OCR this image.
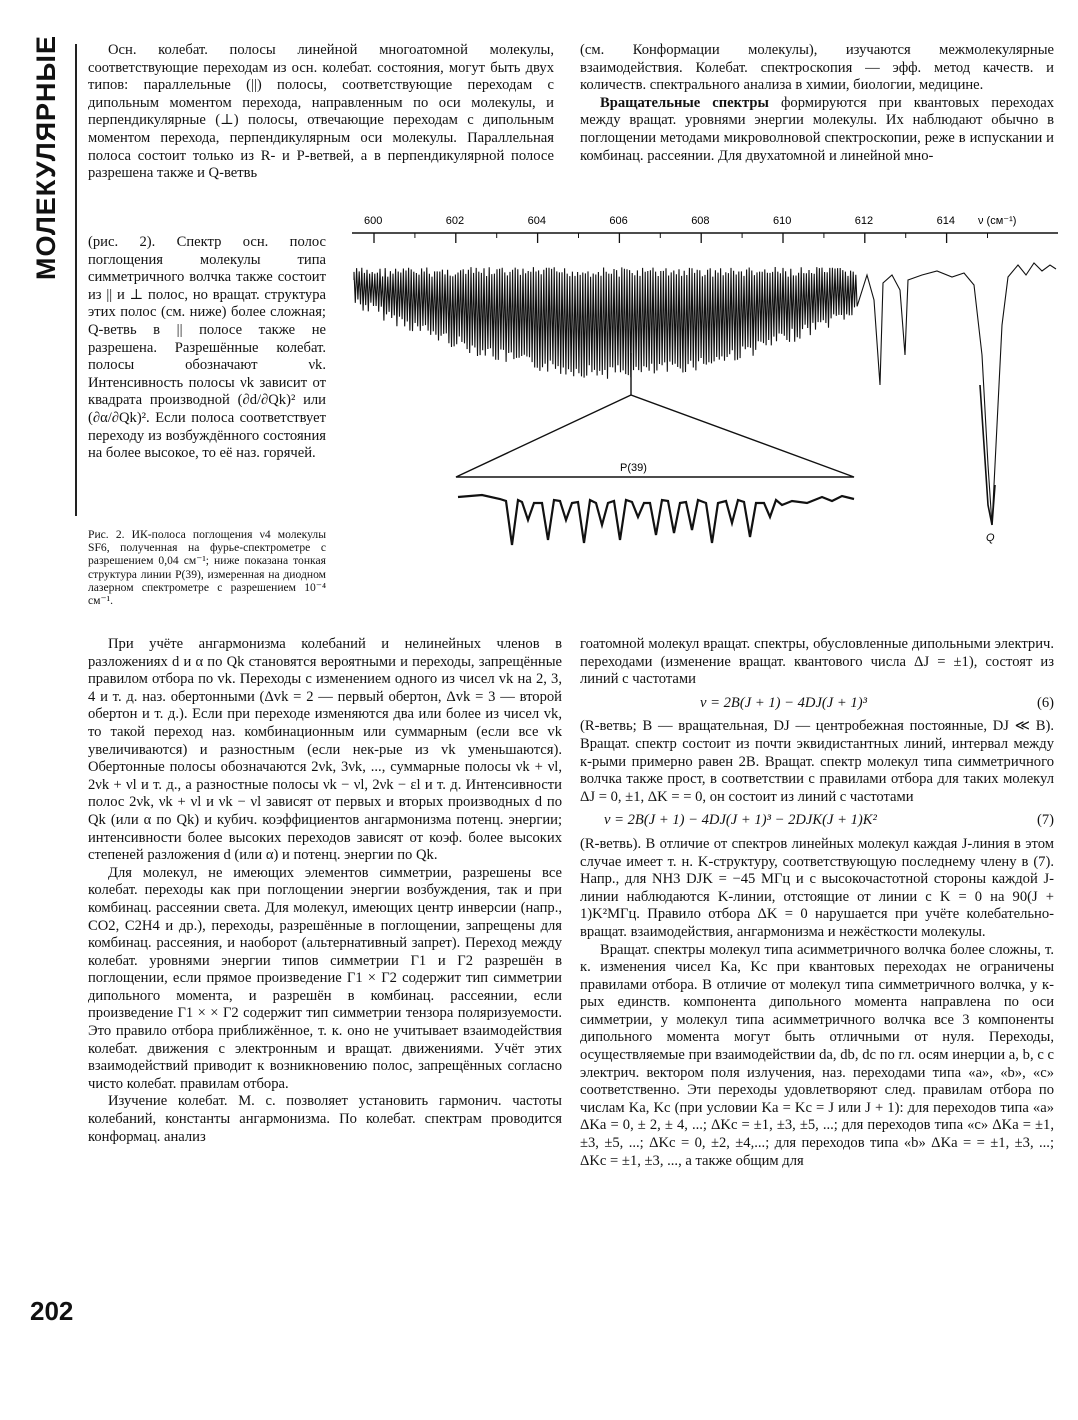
МОЛЕКУЛЯРНЫЕ	Осн. колебат. полосы линейной многоатомной молекулы, соответствующие переходам из осн. колебат. состояния, могут быть двух типов: параллельные (||) полосы, соответствующие переходам с дипольным моментом перехода, направленным по оси молекулы, и перпендикулярные (⊥) полосы, отвечающие переходам с дипольным моментом перехода, перпендикулярным оси молекулы. Параллельная полоса состоит только из R- и P-ветвей, а в перпендикулярной полосе разрешена также и Q-ветвь

(см. Конформации молекулы), изучаются межмолекулярные взаимодействия. Колебат. спектроскопия — эфф. метод качеств. и количеств. спектрального анализа в химии, биологии, медицине.

Вращательные спектры формируются при квантовых переходах между вращат. уровнями энергии молекулы. Их наблюдают обычно в поглощении методами микроволновой спектроскопии, реже в испускании и комбинац. рассеянии. Для двухатомной и линейной мно-

(рис. 2). Спектр осн. полос поглощения молекулы типа симметричного волчка также состоит из || и ⊥ полос, но вращат. структура этих полос (см. ниже) более сложная; Q-ветвь в || полосе также не разрешена. Разрешённые колебат. полосы обозначают νk. Интенсивность полосы νk зависит от квадрата производной (∂d/∂Qk)² или (∂α/∂Qk)². Если полоса соответствует переходу из возбуждённого состояния на более высокое, то её наз. горячей.

Рис. 2. ИК-полоса поглощения ν4 молекулы SF6, полученная на фурье-спектрометре с разрешением 0,04 см⁻¹; ниже показана тонкая структура линии P(39), измеренная на диодном лазерном спектрометре с разрешением 10⁻⁴ см⁻¹.
600	602	604	606	608	610	612	614 ν (см⁻¹)
P(39)
Q

При учёте ангармонизма колебаний и нелинейных членов в разложениях d и α по Qk становятся вероятными и переходы, запрещённые правилом отбора по vk. Переходы с изменением одного из чисел vk на 2, 3, 4 и т. д. наз. обертонными (Δvk = 2 — первый обертон, Δvk = 3 — второй обертон и т. д.). Если при переходе изменяются два или более из чисел vk, то такой переход наз. комбинационным или суммарным (если все vk увеличиваются) и разностным (если нек-рые из vk уменьшаются). Обертонные полосы обозначаются 2νk, 3νk, ..., суммарные полосы νk + νl, 2νk + νl и т. д., а разностные полосы νk − νl, 2νk − εl и т. д. Интенсивности полос 2νk, νk + νl и νk − νl зависят от первых и вторых производных d по Qk (или α по Qk) и кубич. коэффициентов ангармонизма потенц. энергии; интенсивности более высоких переходов зависят от коэф. более высоких степеней разложения d (или α) и потенц. энергии по Qk.

Для молекул, не имеющих элементов симметрии, разрешены все колебат. переходы как при поглощении энергии возбуждения, так и при комбинац. рассеянии света. Для молекул, имеющих центр инверсии (напр., CO2, C2H4 и др.), переходы, разрешённые в поглощении, запрещены для комбинац. рассеяния, и наоборот (альтернативный запрет). Переход между колебат. уровнями энергии типов симметрии Γ1 и Γ2 разрешён в поглощении, если прямое произведение Γ1 × Γ2 содержит тип симметрии дипольного момента, и разрешён в комбинац. рассеянии, если произведение Γ1 × × Γ2 содержит тип симметрии тензора поляризуемости. Это правило отбора приближённое, т. к. оно не учитывает взаимодействия колебат. движения с электронным и вращат. движениями. Учёт этих взаимодействий приводит к возникновению полос, запрещённых согласно чисто колебат. правилам отбора.

Изучение колебат. М. с. позволяет установить гармонич. частоты колебаний, константы ангармонизма. По колебат. спектрам проводится конформац. анализ

гоатомной молекул вращат. спектры, обусловленные дипольными электрич. переходами (изменение вращат. квантового числа ΔJ = ±1), состоят из линий с частотами

ν = 2B(J + 1) − 4DJ(J + 1)³	(6)

(R-ветвь; B — вращательная, DJ — центробежная постоянные, DJ ≪ B). Вращат. спектр состоит из почти эквидистантных линий, интервал между к-рыми примерно равен 2B. Вращат. спектр молекул типа симметричного волчка также прост, в соответствии с правилами отбора для таких молекул ΔJ = 0, ±1, ΔK = = 0, он состоит из линий с частотами

ν = 2B(J + 1) − 4DJ(J + 1)³ − 2DJK(J + 1)K²	(7)

(R-ветвь). В отличие от спектров линейных молекул каждая J-линия в этом случае имеет т. н. K-структуру, соответствующую последнему члену в (7). Напр., для NH3 DJK = −45 МГц и с высокочастотной стороны каждой J-линии наблюдаются K-линии, отстоящие от линии с K = 0 на 90(J + 1)K²МГц. Правило отбора ΔK = 0 нарушается при учёте колебательно-вращат. взаимодействия, ангармонизма и нежёсткости молекулы.

Вращат. спектры молекул типа асимметричного волчка более сложны, т. к. изменения чисел Ka, Kc при квантовых переходах не ограничены правилами отбора. В отличие от молекул типа симметричного волчка, у к-рых единств. компонента дипольного момента направлена по оси симметрии, у молекул типа асимметричного волчка все 3 компоненты дипольного момента могут быть отличными от нуля. Переходы, осуществляемые при взаимодействии da, db, dc по гл. осям инерции a, b, c с электрич. вектором поля излучения, наз. переходами типа «a», «b», «c» соответственно. Эти переходы удовлетворяют след. правилам отбора по числам Ka, Kc (при условии Ka = Kc = J или J + 1): для переходов типа «a» ΔKa = 0, ± 2, ± 4, ...; ΔKc = ±1, ±3, ±5, ...; для переходов типа «c» ΔKa = ±1, ±3, ±5, ...; ΔKc = 0, ±2, ±4,...; для переходов типа «b» ΔKa = = ±1, ±3, ...; ΔKc = ±1, ±3, ..., а также общим для

202
